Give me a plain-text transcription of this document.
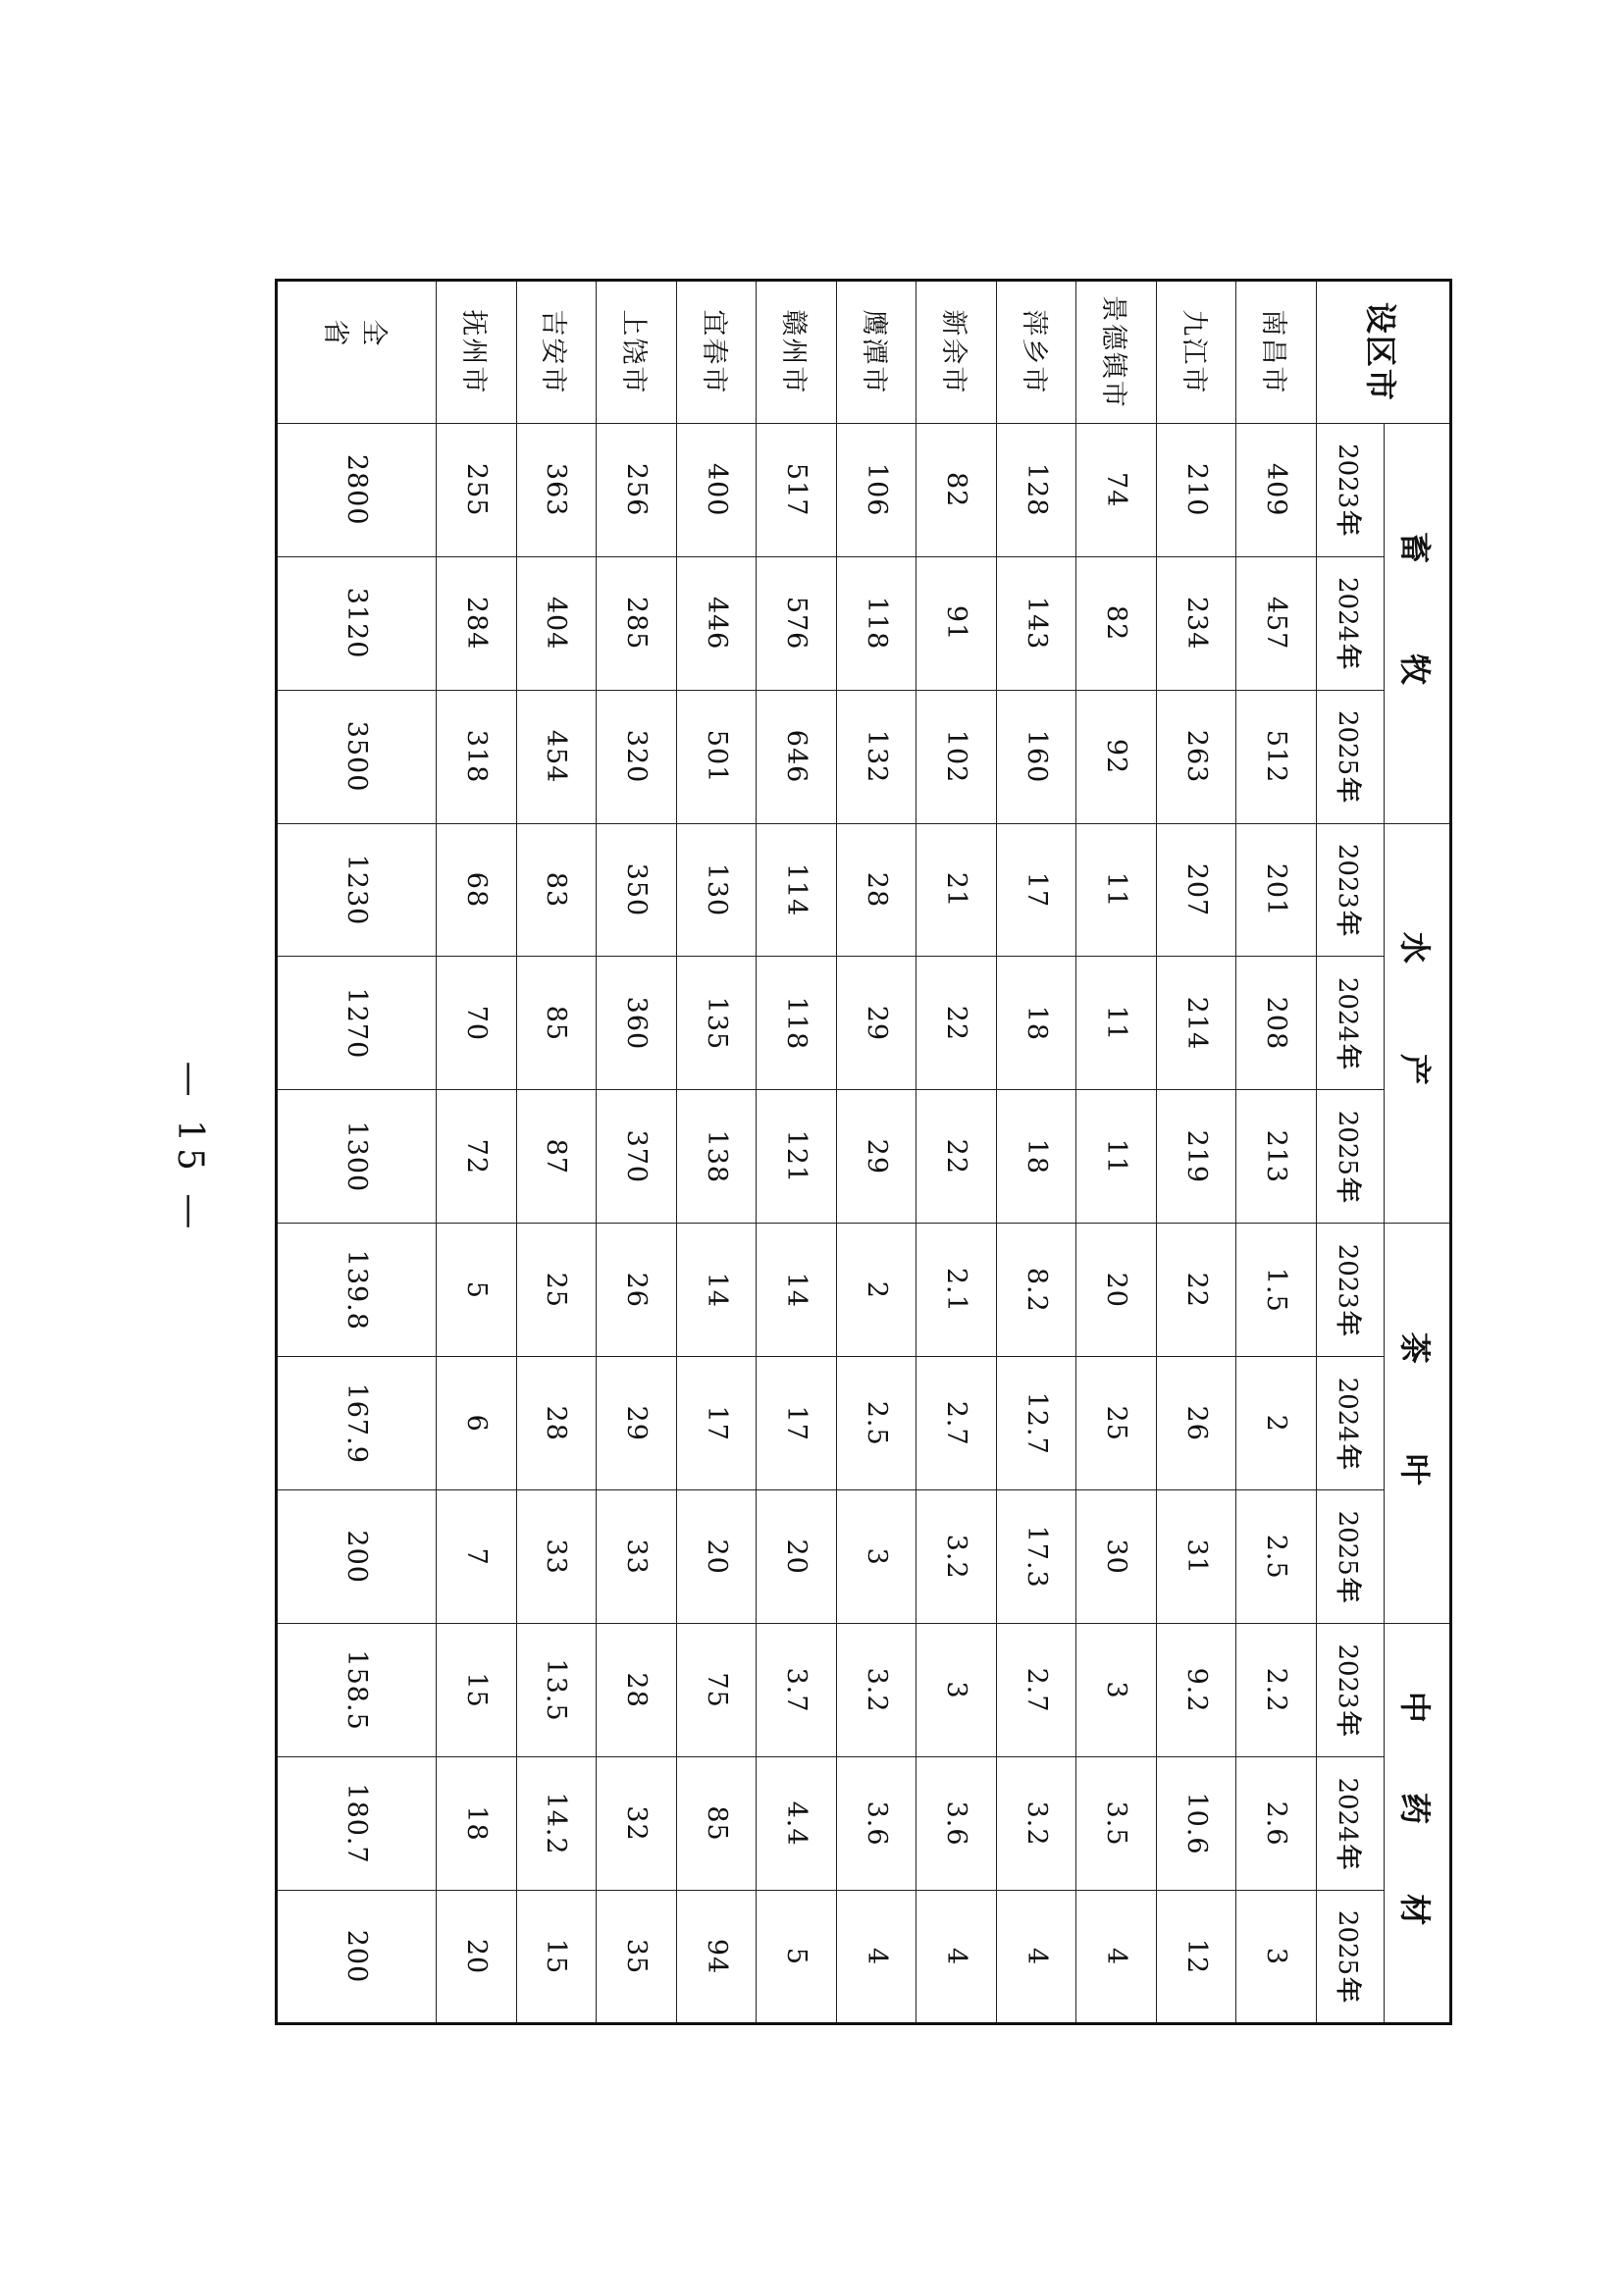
设区市	畜　牧			水　产			茶　叶			中 药 材		
	2023年	2024年	2025年	2023年	2024年	2025年	2023年	2024年	2025年	2023年	2024年	2025年
南昌市	409	457	512	201	208	213	1.5	2	2.5	2.2	2.6	3
九江市	210	234	263	207	214	219	22	26	31	9.2	10.6	12
景德镇市	74	82	92	11	11	11	20	25	30	3	3.5	4
萍乡市	128	143	160	17	18	18	8.2	12.7	17.3	2.7	3.2	4
新余市	82	91	102	21	22	22	2.1	2.7	3.2	3	3.6	4
鹰潭市	106	118	132	28	29	29	2	2.5	3	3.2	3.6	4
赣州市	517	576	646	114	118	121	14	17	20	3.7	4.4	5
宜春市	400	446	501	130	135	138	14	17	20	75	85	94
上饶市	256	285	320	350	360	370	26	29	33	28	32	35
吉安市	363	404	454	83	85	87	25	28	33	13.5	14.2	15
抚州市	255	284	318	68	70	72	5	6	7	15	18	20
全 省	2800	3120	3500	1230	1270	1300	139.8	167.9	200	158.5	180.7	200
— 15 —
